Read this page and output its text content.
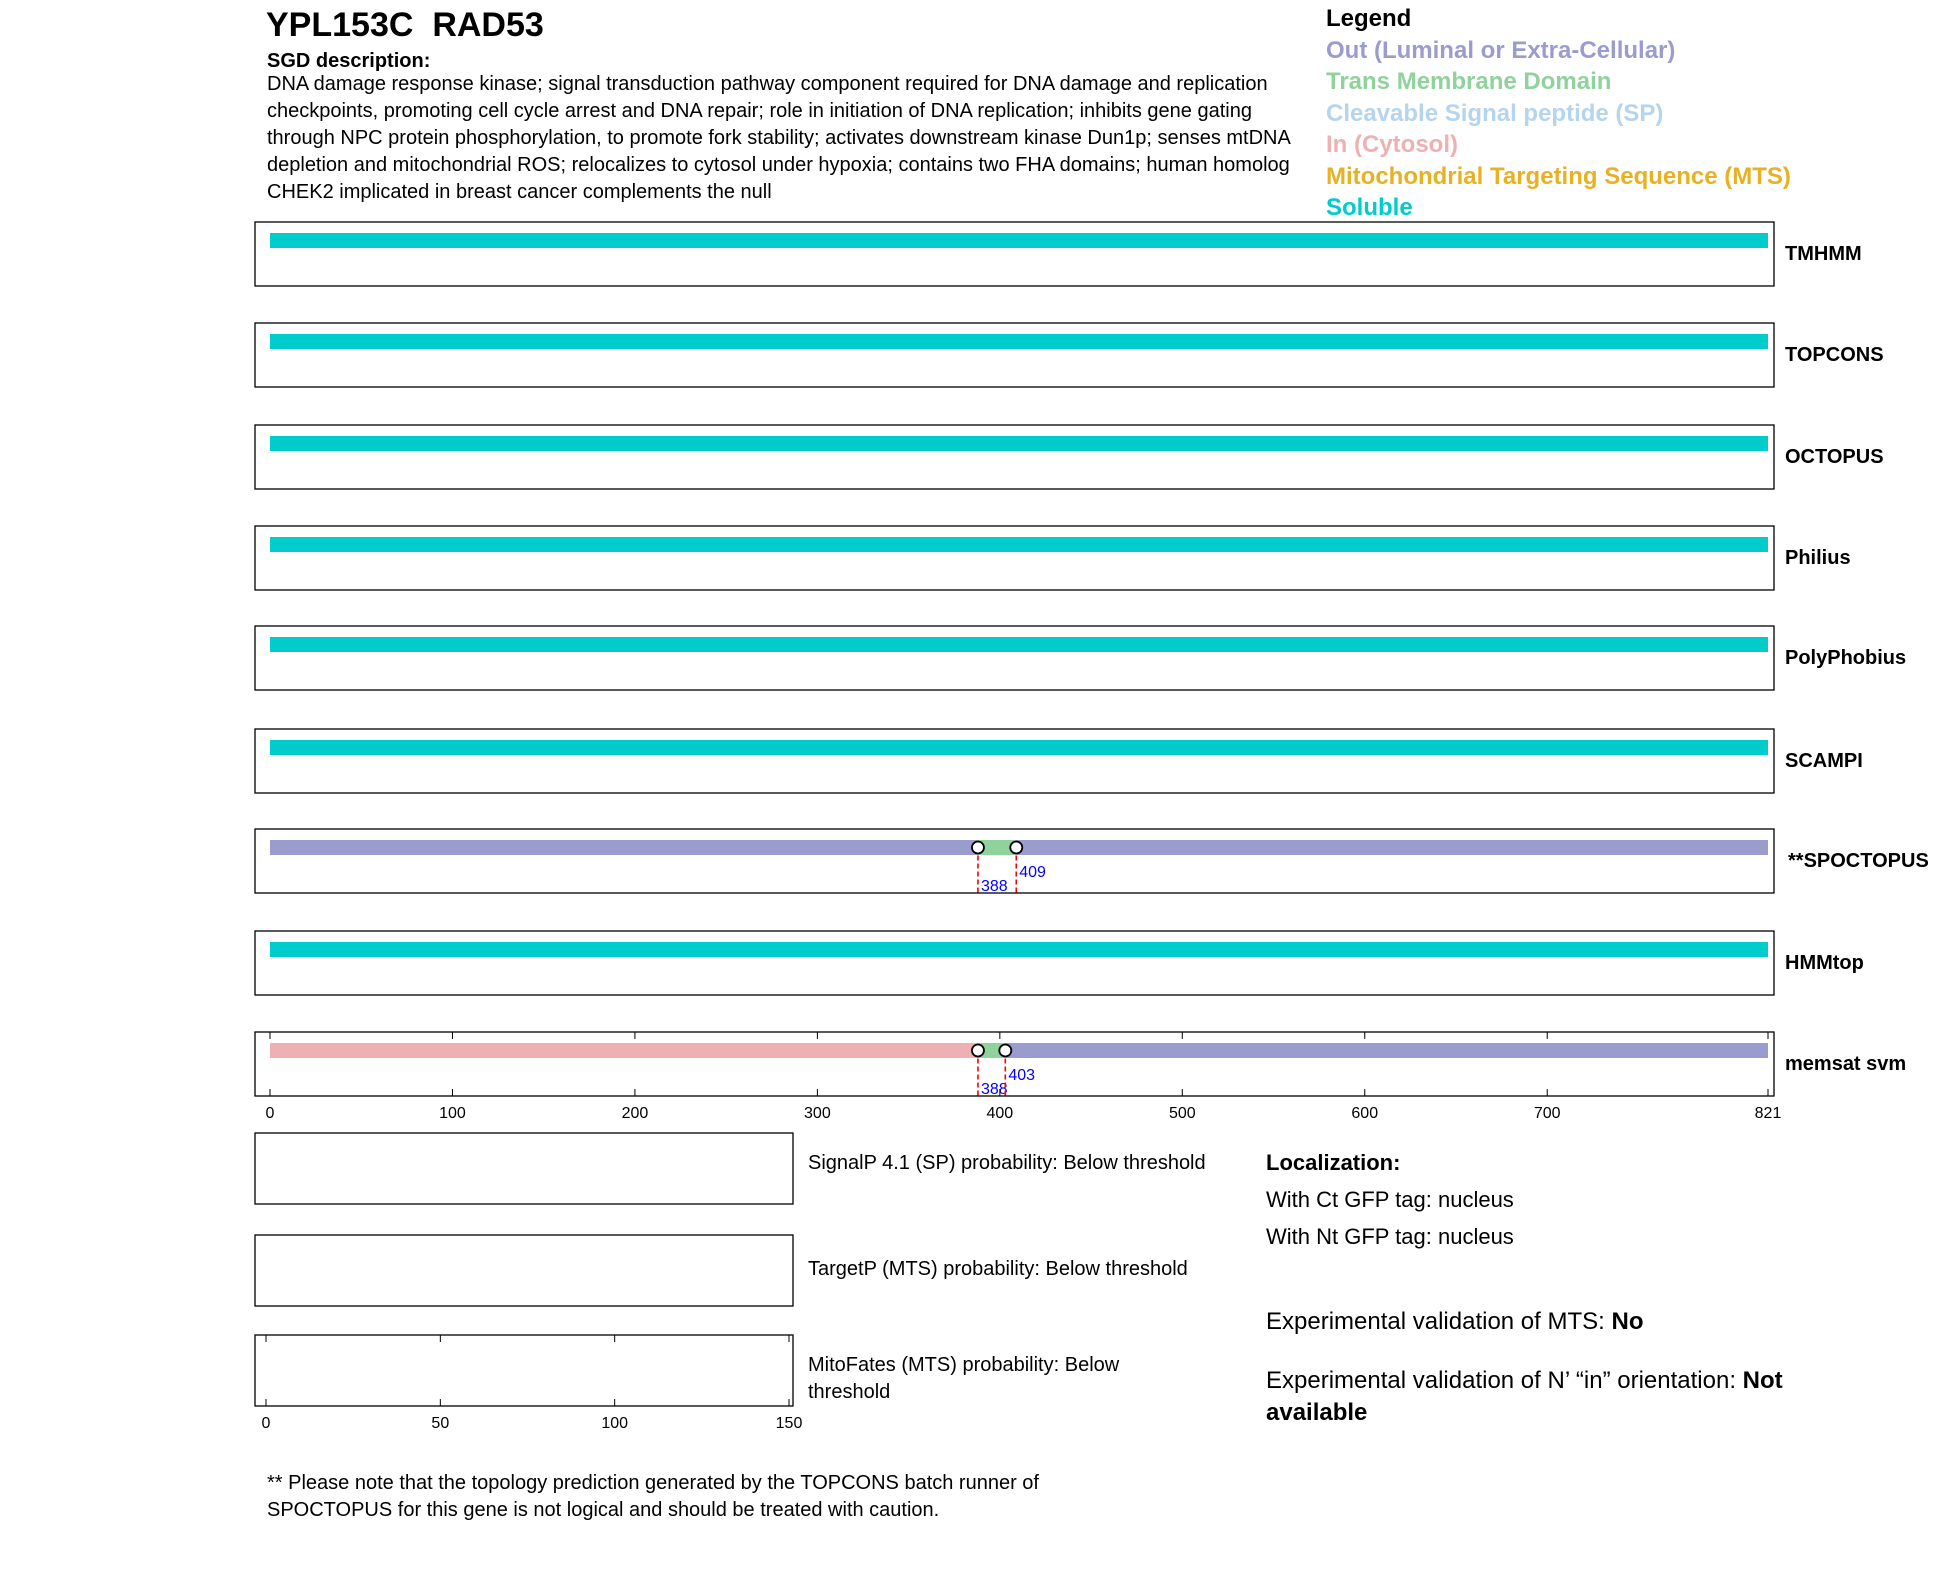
YPL153C RAD53
SGD description:
DNA damage response kinase; signal transduction pathway component required for DNA damage and replication checkpoints, promoting cell cycle arrest and DNA repair; role in initiation of DNA replication; inhibits gene gating through NPC protein phosphorylation, to promote fork stability; activates downstream kinase Dun1p; senses mtDNA depletion and mitochondrial ROS; relocalizes to cytosol under hypoxia; contains two FHA domains; human homolog CHEK2 implicated in breast cancer complements the null
Legend
Out (Luminal or Extra-Cellular)
Trans Membrane Domain
Cleavable Signal peptide (SP)
In (Cytosol)
Mitochondrial Targeting Sequence (MTS)
Soluble
TMHMM
TOPCONS
OCTOPUS
Philius
PolyPhobius
SCAMPI
388
409
**SPOCTOPUS
HMMtop
388
403
memsat svm
0	100	200	300	400	500	600	700	821
0	50	100	150
SignalP 4.1 (SP) probability: Below threshold
TargetP (MTS) probability: Below threshold
MitoFates (MTS) probability: Below threshold
Localization:
With Ct GFP tag: nucleus
With Nt GFP tag: nucleus
Experimental validation of MTS: No
Experimental validation of N’ “in” orientation: Not available
** Please note that the topology prediction generated by the TOPCONS batch runner of SPOCTOPUS for this gene is not logical and should be treated with caution.
